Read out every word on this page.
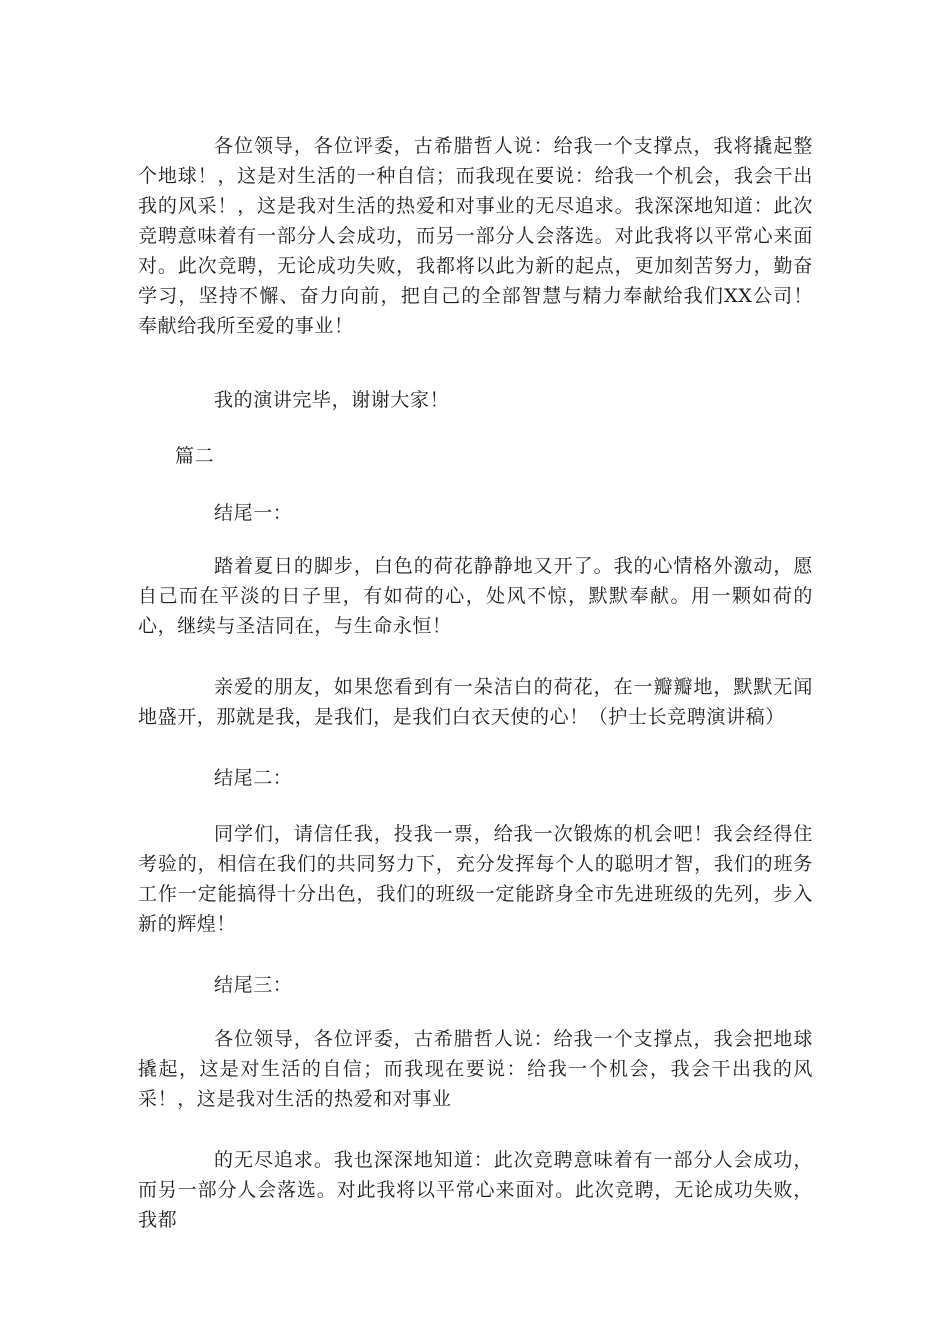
各位领导，各位评委，古希腊哲人说：给我一个支撑点，我将撬起整个地球！，这是对生活的一种自信；而我现在要说：给我一个机会，我会干出我的风采！，这是我对生活的热爱和对事业的无尽追求。我深深地知道：此次竞聘意味着有一部分人会成功，而另一部分人会落选。对此我将以平常心来面对。此次竞聘，无论成功失败，我都将以此为新的起点，更加刻苦努力，勤奋学习，坚持不懈、奋力向前，把自己的全部智慧与精力奉献给我们XX公司！奉献给我所至爱的事业！

我的演讲完毕，谢谢大家！

篇二

结尾一：

踏着夏日的脚步，白色的荷花静静地又开了。我的心情格外激动，愿自己而在平淡的日子里，有如荷的心，处风不惊，默默奉献。用一颗如荷的心，继续与圣洁同在，与生命永恒！

亲爱的朋友，如果您看到有一朵洁白的荷花，在一瓣瓣地，默默无闻地盛开，那就是我，是我们，是我们白衣天使的心！（护士长竞聘演讲稿）

结尾二：

同学们，请信任我，投我一票，给我一次锻炼的机会吧！我会经得住考验的，相信在我们的共同努力下，充分发挥每个人的聪明才智，我们的班务工作一定能搞得十分出色，我们的班级一定能跻身全市先进班级的先列，步入新的辉煌！

结尾三：

各位领导，各位评委，古希腊哲人说：给我一个支撑点，我会把地球撬起，这是对生活的自信；而我现在要说：给我一个机会，我会干出我的风采！，这是我对生活的热爱和对事业

的无尽追求。我也深深地知道：此次竞聘意味着有一部分人会成功，而另一部分人会落选。对此我将以平常心来面对。此次竞聘，无论成功失败，我都
